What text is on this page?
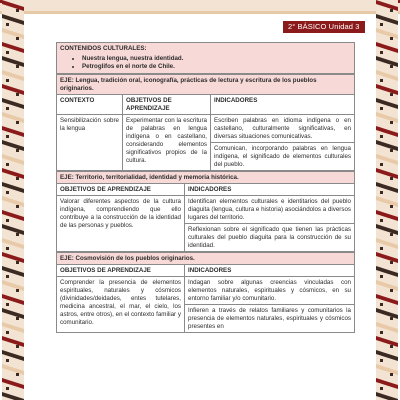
2° BÁSICO Unidad 3
CONTENIDOS CULTURALES:
• Nuestra lengua, nuestra identidad.
• Petroglifos en el norte de Chile.
EJE: Lengua, tradición oral, iconografía, prácticas de lectura y escritura de los pueblos originarios.		
CONTEXTO	OBJETIVOS DE APRENDIZAJE	INDICADORES
Sensibilización sobre la lengua	Experimentar con la escritura de palabras en lengua indígena o en castellano, considerando elementos significativos propios de la cultura.	Escriben palabras en idioma indígena o en castellano, culturalmente significativas, en diversas situaciones comunicativas.
		Comunican, incorporando palabras en lengua indígena, el significado de elementos culturales del pueblo.
EJE: Territorio, territorialidad, identidad y memoria histórica.	
OBJETIVOS DE APRENDIZAJE	INDICADORES
Valorar diferentes aspectos de la cultura indígena, comprendiendo que ello contribuye a la construcción de la identidad de las personas y pueblos.	Identifican elementos culturales e identitarios del pueblo diaguita (lengua, cultura e historia) asociándolos a diversos lugares del territorio.
	Reflexionan sobre el significado que tienen las prácticas culturales del pueblo diaguita para la construcción de su identidad.
EJE: Cosmovisión de los pueblos originarios.	
OBJETIVOS DE APRENDIZAJE	INDICADORES
Comprender la presencia de elementos espirituales, naturales y cósmicos (divinidades/deidades, entes tutelares, medicina ancestral, el mar, el cielo, los astros, entre otros), en el contexto familiar y comunitario.	Indagan sobre algunas creencias vinculadas con elementos naturales, espirituales y cósmicos, en su entorno familiar y/o comunitario.
	Infieren a través de relatos familiares y comunitarios la presencia de elementos naturales, espirituales y cósmicos presentes en
